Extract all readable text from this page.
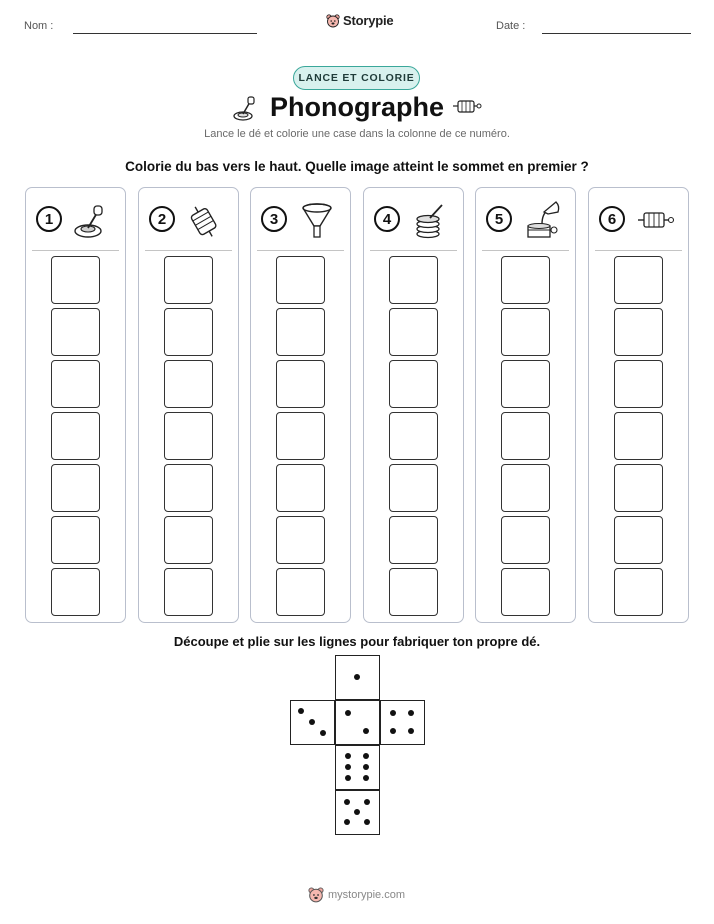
Nom :	Storypie	Date :
LANCE ET COLORIE
Phonographe
Lance le dé et colorie une case dans la colonne de ce numéro.
Colorie du bas vers le haut. Quelle image atteint le sommet en premier ?
1	2	3	4	5	6
Découpe et plie sur les lignes pour fabriquer ton propre dé.
mystorypie.com
